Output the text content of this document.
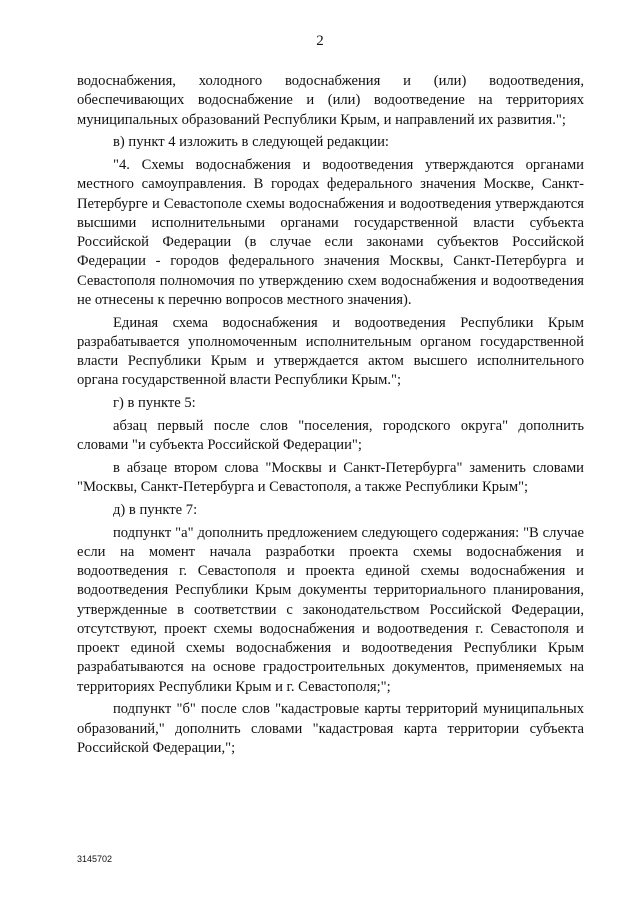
2

водоснабжения, холодного водоснабжения и (или) водоотведения, обеспечивающих водоснабжение и (или) водоотведение на территориях муниципальных образований Республики Крым, и направлений их развития.";

в) пункт 4 изложить в следующей редакции:

"4. Схемы водоснабжения и водоотведения утверждаются органами местного самоуправления. В городах федерального значения Москве, Санкт-Петербурге и Севастополе схемы водоснабжения и водоотведения утверждаются высшими исполнительными органами государственной власти субъекта Российской Федерации (в случае если законами субъектов Российской Федерации - городов федерального значения Москвы, Санкт-Петербурга и Севастополя полномочия по утверждению схем водоснабжения и водоотведения не отнесены к перечню вопросов местного значения).

Единая схема водоснабжения и водоотведения Республики Крым разрабатывается уполномоченным исполнительным органом государственной власти Республики Крым и утверждается актом высшего исполнительного органа государственной власти Республики Крым.";

г) в пункте 5:

абзац первый после слов "поселения, городского округа" дополнить словами "и субъекта Российской Федерации";

в абзаце втором слова "Москвы и Санкт-Петербурга" заменить словами "Москвы, Санкт-Петербурга и Севастополя, а также Республики Крым";

д) в пункте 7:

подпункт "а" дополнить предложением следующего содержания: "В случае если на момент начала разработки проекта схемы водоснабжения и водоотведения г. Севастополя и проекта единой схемы водоснабжения и водоотведения Республики Крым документы территориального планирования, утвержденные в соответствии с законодательством Российской Федерации, отсутствуют, проект схемы водоснабжения и водоотведения г. Севастополя и проект единой схемы водоснабжения и водоотведения Республики Крым разрабатываются на основе градостроительных документов, применяемых на территориях Республики Крым и г. Севастополя;";

подпункт "б" после слов "кадастровые карты территорий муниципальных образований," дополнить словами "кадастровая карта территории субъекта Российской Федерации,";

3145702
